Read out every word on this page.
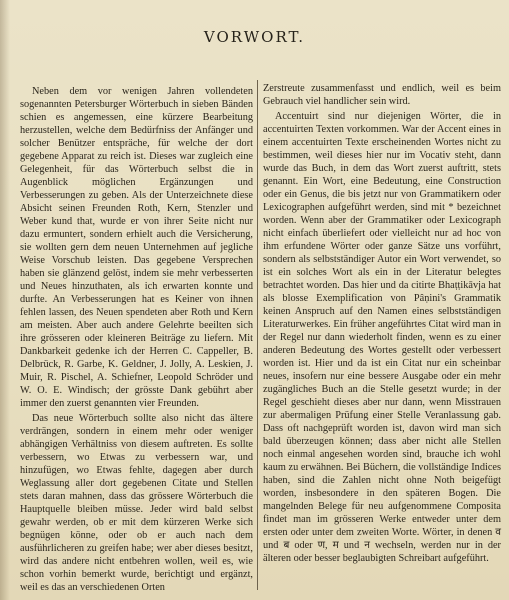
VORWORT.

Neben dem vor wenigen Jahren vollendeten sogenannten Petersburger Wörterbuch in sieben Bänden schien es angemessen, eine kürzere Bearbeitung herzustellen, welche dem Bedürfniss der Anfänger und solcher Benützer entspräche, für welche der dort gegebene Apparat zu reich ist. Dieses war zugleich eine Gelegenheit, für das Wörterbuch selbst die in Augenblick möglichen Ergänzungen und Verbesserungen zu geben. Als der Unterzeichnete diese Absicht seinen Freunden Roth, Kern, Stenzler und Weber kund that, wurde er von ihrer Seite nicht nur dazu ermuntert, sondern erhielt auch die Versicherung, sie wollten gern dem neuen Unternehmen auf jegliche Weise Vorschub leisten. Das gegebene Versprechen haben sie glänzend gelöst, indem sie mehr verbesserten und Neues hinzuthaten, als ich erwarten konnte und durfte. An Verbesserungen hat es Keiner von ihnen fehlen lassen, des Neuen spendeten aber Roth und Kern am meisten. Aber auch andere Gelehrte beeilten sich ihre grösseren oder kleineren Beiträge zu liefern. Mit Dankbarkeit gedenke ich der Herren C. Cappeller, B. Delbrück, R. Garbe, K. Geldner, J. Jolly, A. Leskien, J. Muir, R. Pischel, A. Schiefner, Leopold Schröder und W. O. E. Windisch; der grösste Dank gebührt aber immer den zuerst genannten vier Freunden.

Das neue Wörterbuch sollte also nicht das ältere verdrängen, sondern in einem mehr oder weniger abhängigen Verhältniss von diesem auftreten. Es sollte verbessern, wo Etwas zu verbessern war, und hinzufügen, wo Etwas fehlte, dagegen aber durch Weglassung aller dort gegebenen Citate und Stellen stets daran mahnen, dass das grössere Wörterbuch die Hauptquelle bleiben müsse. Jeder wird bald selbst gewahr werden, ob er mit dem kürzeren Werke sich begnügen könne, oder ob er auch nach dem ausführlicheren zu greifen habe; wer aber dieses besitzt, wird das andere nicht entbehren wollen, weil es, wie schon vorhin bemerkt wurde, berichtigt und ergänzt, weil es das an verschiedenen Orten

Zerstreute zusammenfasst und endlich, weil es beim Gebrauch viel handlicher sein wird.

Accentuirt sind nur diejenigen Wörter, die in accentuirten Texten vorkommen. War der Accent eines in einem accentuirten Texte erscheinenden Wortes nicht zu bestimmen, weil dieses hier nur im Vocativ steht, dann wurde das Buch, in dem das Wort zuerst auftritt, stets genannt. Ein Wort, eine Bedeutung, eine Construction oder ein Genus, die bis jetzt nur von Grammatikern oder Lexicographen aufgeführt werden, sind mit * bezeichnet worden. Wenn aber der Grammatiker oder Lexicograph nicht einfach überliefert oder vielleicht nur ad hoc von ihm erfundene Wörter oder ganze Sätze uns vorführt, sondern als selbstständiger Autor ein Wort verwendet, so ist ein solches Wort als ein in der Literatur belegtes betrachtet worden. Das hier und da citirte Bhaṭṭikāvja hat als blosse Exemplification von Pâṇini's Grammatik keinen Anspruch auf den Namen eines selbstständigen Literaturwerkes. Ein früher angeführtes Citat wird man in der Regel nur dann wiederholt finden, wenn es zu einer anderen Bedeutung des Wortes gestellt oder verbessert worden ist. Hier und da ist ein Citat nur ein scheinbar neues, insofern nur eine bessere Ausgabe oder ein mehr zugängliches Buch an die Stelle gesetzt wurde; in der Regel geschieht dieses aber nur dann, wenn Misstrauen zur abermaligen Prüfung einer Stelle Veranlassung gab. Dass oft nachgeprüft worden ist, davon wird man sich bald überzeugen können; dass aber nicht alle Stellen noch einmal angesehen worden sind, brauche ich wohl kaum zu erwähnen. Bei Büchern, die vollständige Indices haben, sind die Zahlen nicht ohne Noth beigefügt worden, insbesondere in den späteren Bogen. Die mangelnden Belege für neu aufgenommene Composita findet man im grösseren Werke entweder unter dem ersten oder unter dem zweiten Worte. Wörter, in denen व und ब oder ण, म und न wechseln, werden nur in der älteren oder besser beglaubigten Schreibart aufgeführt.
